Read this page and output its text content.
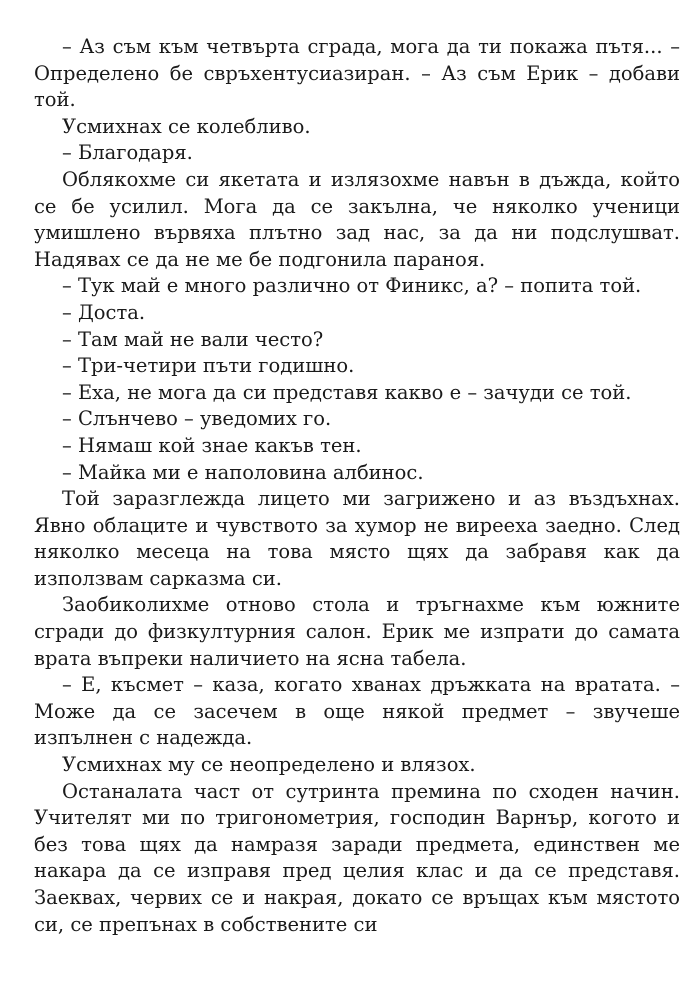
– Аз съм към четвърта сграда, мога да ти покажа пътя... – Определено бе свръхентусиазиран. – Аз съм Ерик – добави той.

Усмихнах се колебливо.

– Благодаря.

Облякохме си якетата и излязохме навън в дъжда, който се бе усилил. Мога да се закълна, че няколко ученици умишлено вървяха плътно зад нас, за да ни подслушват. Надявах се да не ме бе подгонила параноя.

– Тук май е много различно от Финикс, а? – попита той.

– Доста.

– Там май не вали често?

– Три-четири пъти годишно.

– Еха, не мога да си представя какво е – зачуди се той.

– Слънчево – уведомих го.

– Нямаш кой знае какъв тен.

– Майка ми е наполовина албинос.

Той заразглежда лицето ми загрижено и аз въздъхнах. Явно облаците и чувството за хумор не вирееха заедно. След няколко месеца на това място щях да забравя как да използвам сарказма си.

Заобиколихме отново стола и тръгнахме към южните сгради до физкултурния салон. Ерик ме изпрати до самата врата въпреки наличието на ясна табела.

– Е, късмет – каза, когато хванах дръжката на вратата. – Може да се засечем в още някой предмет – звучеше изпълнен с надежда.

Усмихнах му се неопределено и влязох.

Останалата част от сутринта премина по сходен начин. Учителят ми по тригонометрия, господин Варнър, когото и без това щях да намразя заради предмета, единствен ме накара да се изправя пред целия клас и да се представя. Заеквах, червих се и накрая, докато се връщах към мястото си, се препънах в собствените си
